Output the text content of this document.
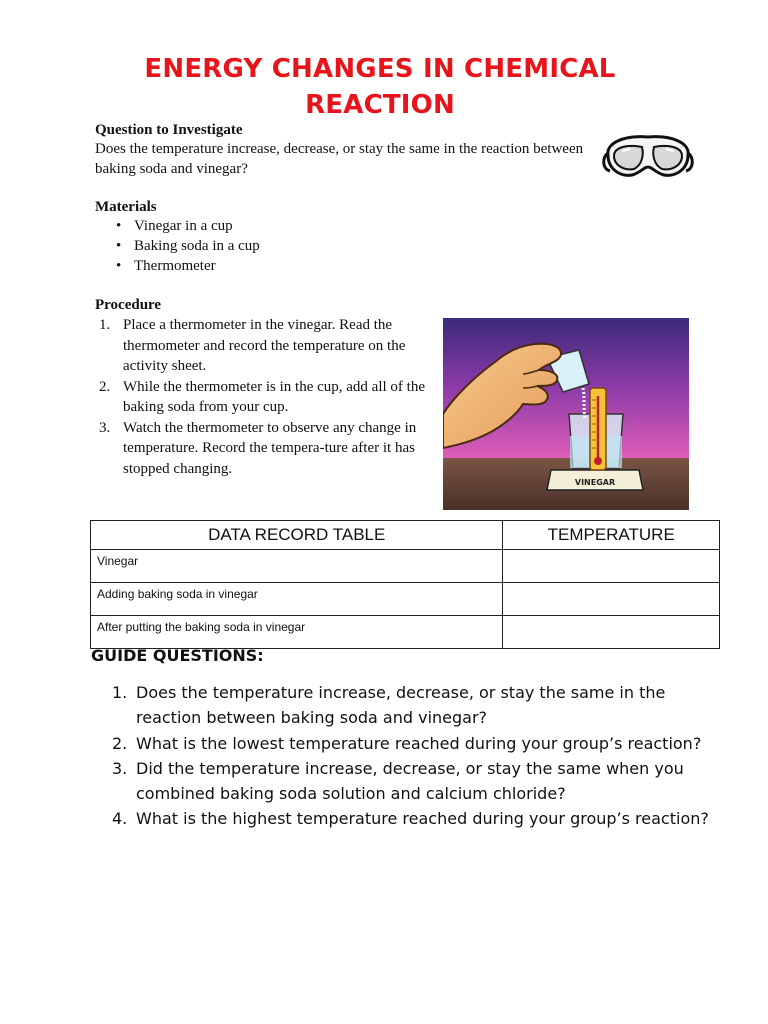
ENERGY CHANGES IN CHEMICAL
REACTION
Question to Investigate
Does the temperature increase, decrease, or stay the same in the reaction between baking soda and vinegar?
Materials
• Vinegar in a cup
• Baking soda in a cup
• Thermometer
Procedure
1. Place a thermometer in the vinegar. Read the thermometer and record the temperature on the activity sheet.
2. While the thermometer is in the cup, add all of the baking soda from your cup.
3. Watch the thermometer to observe any change in temperature. Record the tempera-ture after it has stopped changing.
VINEGAR
DATA RECORD TABLE	TEMPERATURE
Vinegar	
Adding baking soda in vinegar	
After putting the baking soda in vinegar	
GUIDE QUESTIONS:
1. Does the temperature increase, decrease, or stay the same in the reaction between baking soda and vinegar?
2. What is the lowest temperature reached during your group’s reaction?
3. Did the temperature increase, decrease, or stay the same when you combined baking soda solution and calcium chloride?
4. What is the highest temperature reached during your group’s reaction?
